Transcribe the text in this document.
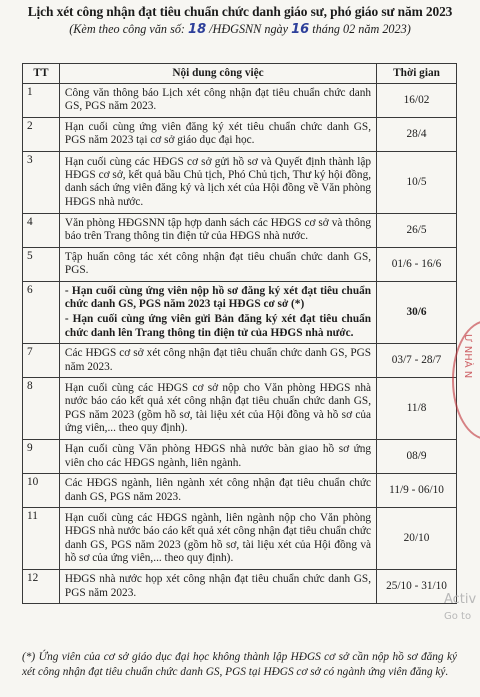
Lịch xét công nhận đạt tiêu chuẩn chức danh giáo sư, phó giáo sư năm 2023
(Kèm theo công văn số: 18 /HĐGSNN ngày 16 tháng 02 năm 2023)
TT	Nội dung công việc	Thời gian
1	Công văn thông báo Lịch xét công nhận đạt tiêu chuẩn chức danh GS, PGS năm 2023.	16/02
2	Hạn cuối cùng ứng viên đăng ký xét tiêu chuẩn chức danh GS, PGS năm 2023 tại cơ sở giáo dục đại học.	28/4
3	Hạn cuối cùng các HĐGS cơ sở gửi hồ sơ và Quyết định thành lập HĐGS cơ sở, kết quả bầu Chủ tịch, Phó Chủ tịch, Thư ký hội đồng, danh sách ứng viên đăng ký và lịch xét của Hội đồng về Văn phòng HĐGS nhà nước.	10/5
4	Văn phòng HĐGSNN tập hợp danh sách các HĐGS cơ sở và thông báo trên Trang thông tin điện tử của HĐGS nhà nước.	26/5
5	Tập huấn công tác xét công nhận đạt tiêu chuẩn chức danh GS, PGS.	01/6 - 16/6
6	- Hạn cuối cùng ứng viên nộp hồ sơ đăng ký xét đạt tiêu chuẩn chức danh GS, PGS năm 2023 tại HĐGS cơ sở (*)
- Hạn cuối cùng ứng viên gửi Bản đăng ký xét đạt tiêu chuẩn chức danh lên Trang thông tin điện tử của HĐGS nhà nước.	30/6
7	Các HĐGS cơ sở xét công nhận đạt tiêu chuẩn chức danh GS, PGS năm 2023.	03/7 - 28/7
8	Hạn cuối cùng các HĐGS cơ sở nộp cho Văn phòng HĐGS nhà nước báo cáo kết quả xét công nhận đạt tiêu chuẩn chức danh GS, PGS năm 2023 (gồm hồ sơ, tài liệu xét của Hội đồng và hồ sơ của ứng viên,... theo quy định).	11/8
9	Hạn cuối cùng Văn phòng HĐGS nhà nước bàn giao hồ sơ ứng viên cho các HĐGS ngành, liên ngành.	08/9
10	Các HĐGS ngành, liên ngành xét công nhận đạt tiêu chuẩn chức danh GS, PGS năm 2023.	11/9 - 06/10
11	Hạn cuối cùng các HĐGS ngành, liên ngành nộp cho Văn phòng HĐGS nhà nước báo cáo kết quả xét công nhận đạt tiêu chuẩn chức danh GS, PGS năm 2023 (gồm hồ sơ, tài liệu xét của Hội đồng và hồ sơ của ứng viên,... theo quy định).	20/10
12	HĐGS nhà nước họp xét công nhận đạt tiêu chuẩn chức danh GS, PGS năm 2023.	25/10 - 31/10
Ư NHÀ N
(*) Ứng viên của cơ sở giáo dục đại học không thành lập HĐGS cơ sở cần nộp hồ sơ đăng ký xét công nhận đạt tiêu chuẩn chức danh GS, PGS tại HĐGS cơ sở có ngành ứng viên đăng ký.
Activ
Go to
